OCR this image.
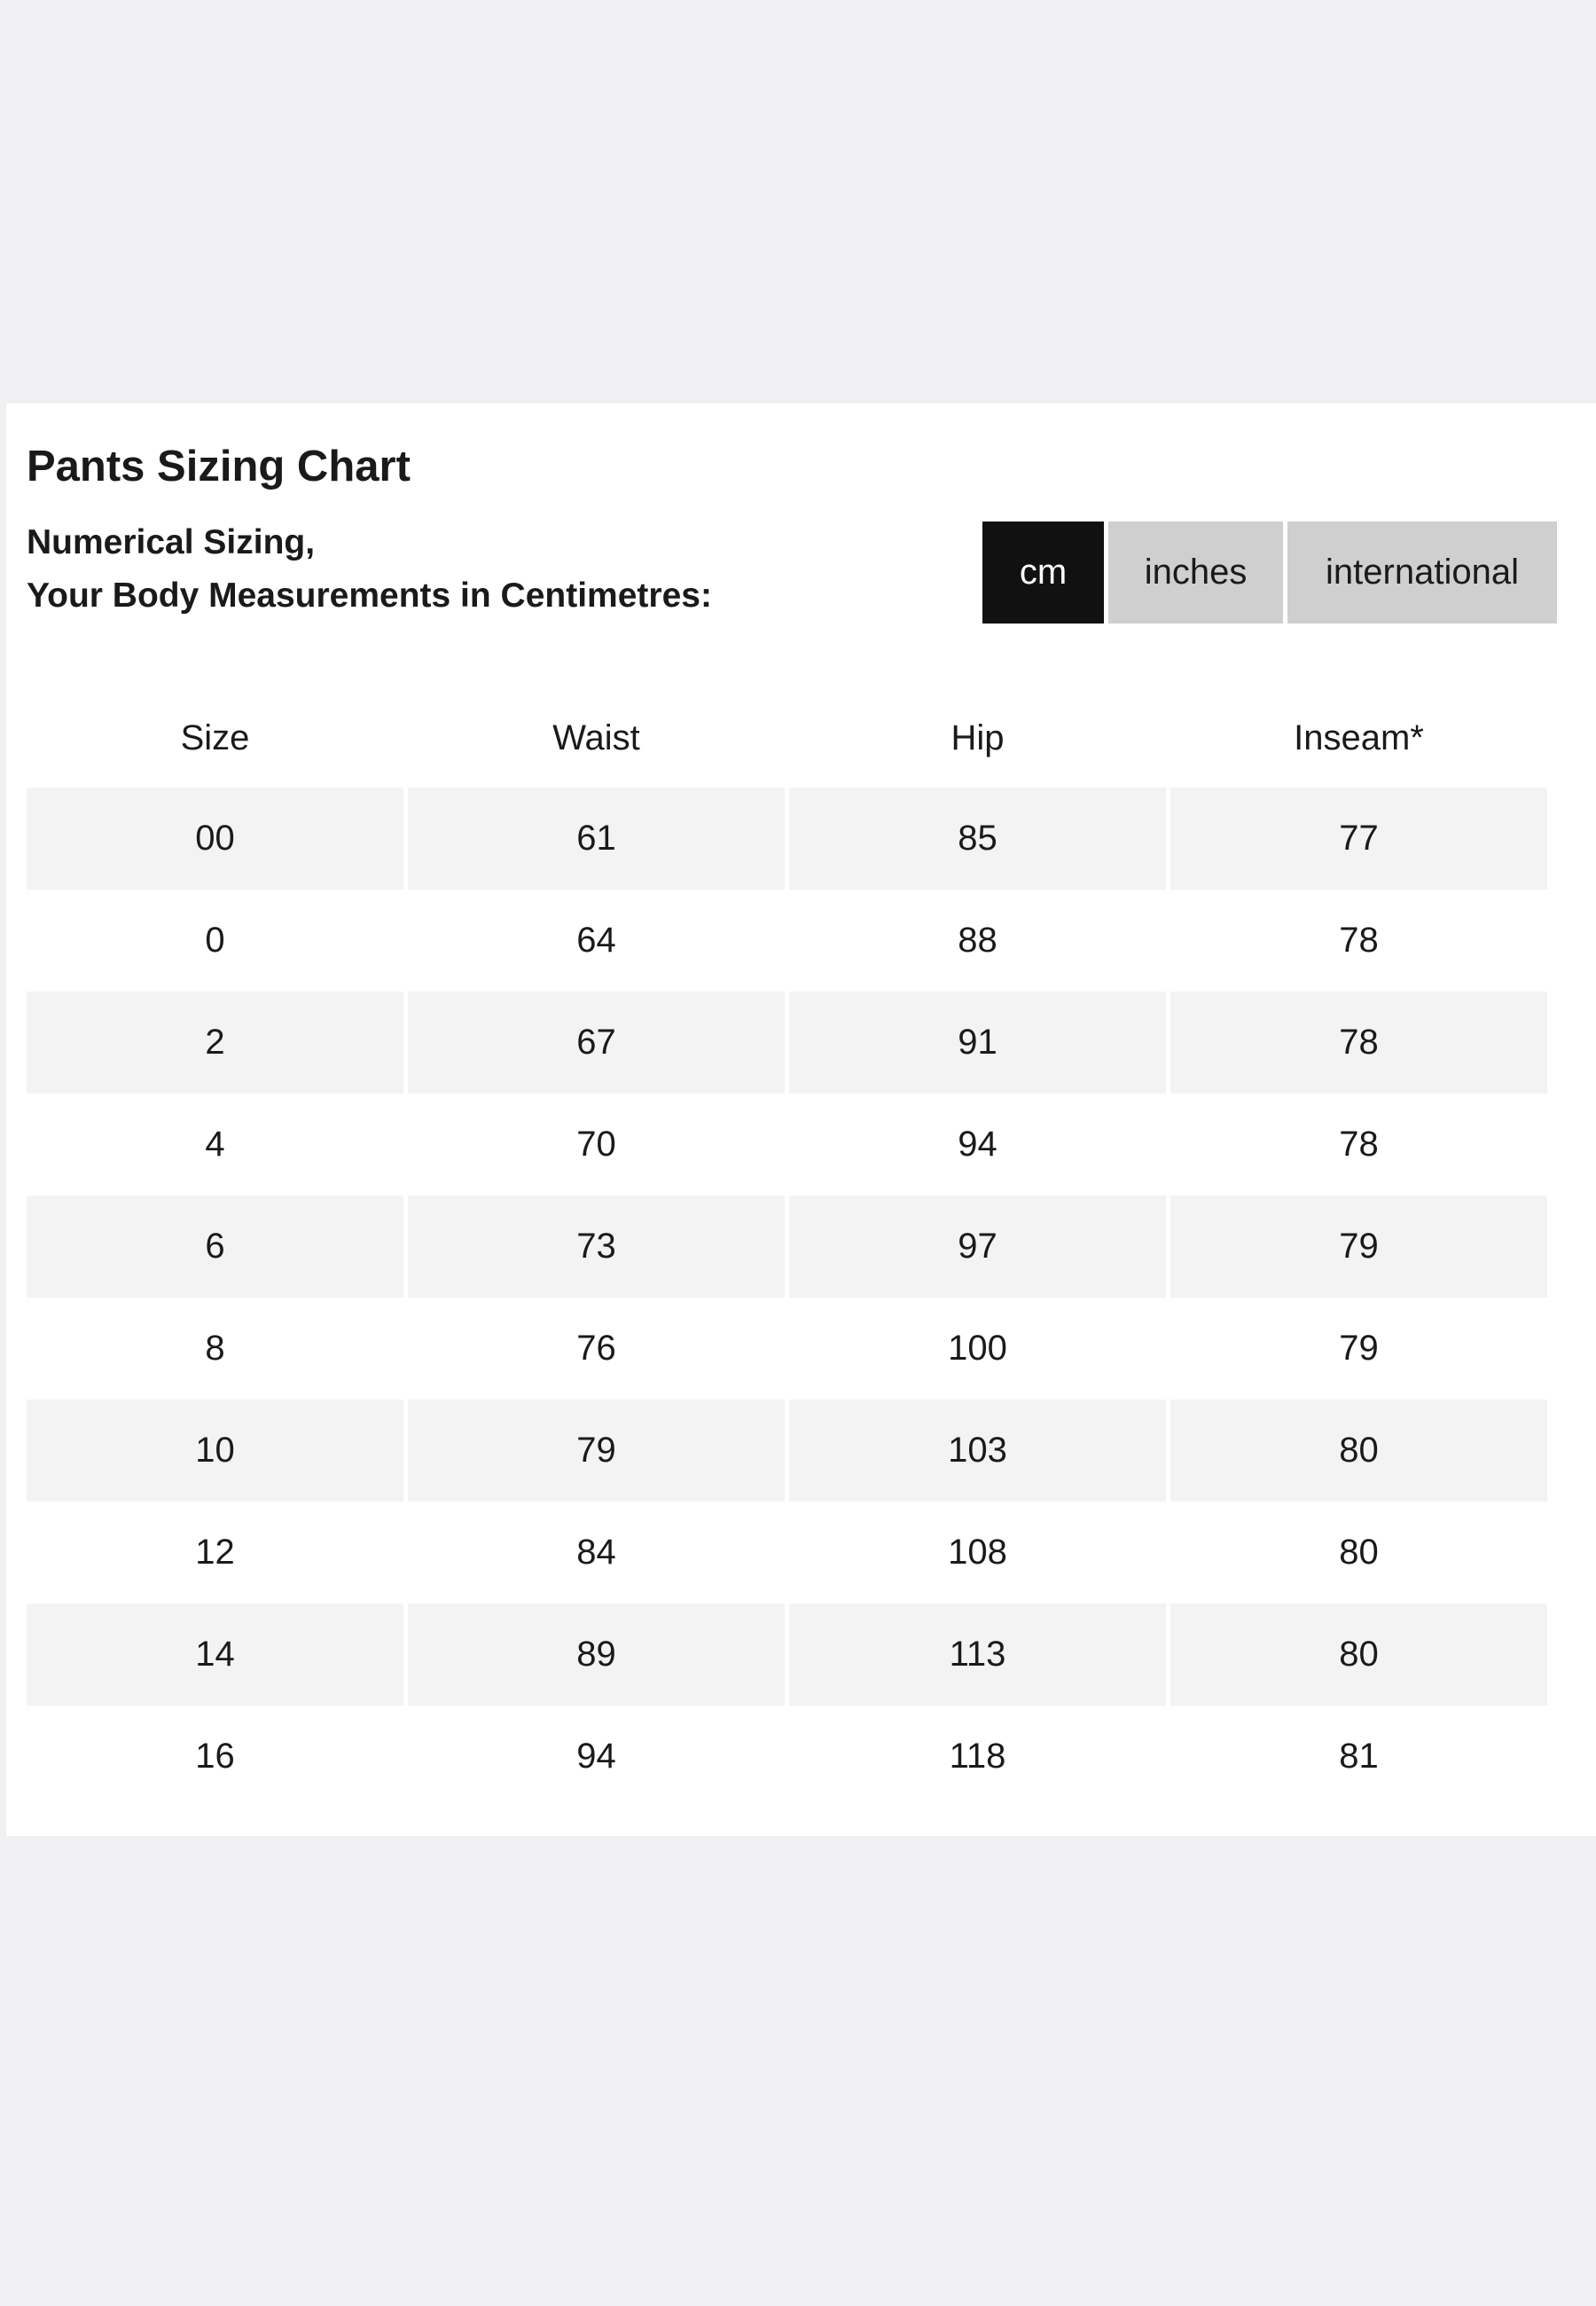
Pants Sizing Chart
Numerical Sizing,
Your Body Measurements in Centimetres:
cm	inches	international
Size	Waist	Hip	Inseam*
00	61	85	77
0	64	88	78
2	67	91	78
4	70	94	78
6	73	97	79
8	76	100	79
10	79	103	80
12	84	108	80
14	89	113	80
16	94	118	81
